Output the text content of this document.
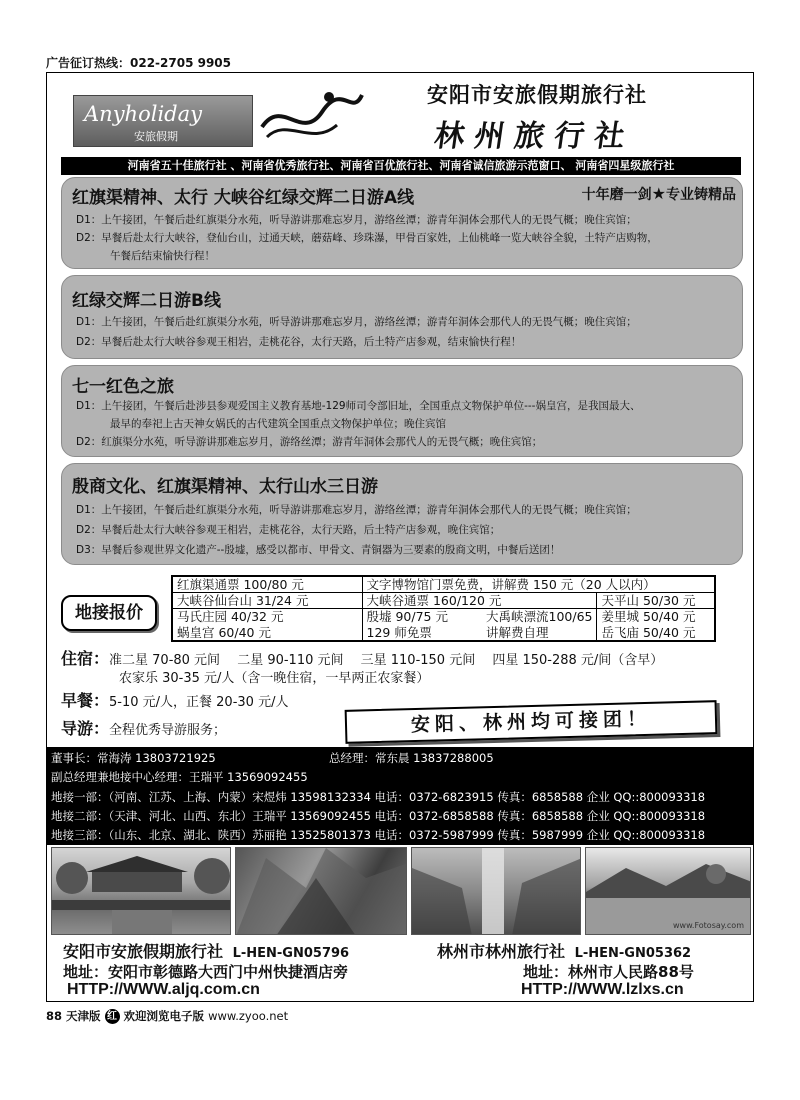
广告征订热线：022-2705 9905
Anyholiday
安旅假期
安阳市安旅假期旅行社
林州旅行社
河南省五十佳旅行社 、河南省优秀旅行社、河南省百优旅行社、河南省诚信旅游示范窗口、 河南省四星级旅行社
红旗渠精神、太行 大峡谷红绿交辉二日游A线	十年磨一剑★专业铸精品
D1：上午接团，午餐后赴红旗渠分水苑，听导游讲那难忘岁月，游络丝潭；游青年洞体会那代人的无畏气概；晚住宾馆；
D2：早餐后赴太行大峡谷，登仙台山，过通天峡，蘑菇峰、珍珠瀑，甲骨百家姓，上仙桃峰一览大峡谷全貌，土特产店购物，
午餐后结束愉快行程！
红绿交辉二日游B线
D1：上午接团，午餐后赴红旗渠分水苑，听导游讲那难忘岁月，游络丝潭；游青年洞体会那代人的无畏气概；晚住宾馆；
D2：早餐后赴太行大峡谷参观王相岩，走桃花谷，太行天路，后土特产店参观，结束愉快行程！
七一红色之旅
D1：上午接团，午餐后赴涉县参观爱国主义教育基地-129师司令部旧址，全国重点文物保护单位---娲皇宫，是我国最大、
最早的奉祀上古天神女娲氏的古代建筑全国重点文物保护单位；晚住宾馆
D2：红旗渠分水苑，听导游讲那难忘岁月，游络丝潭；游青年洞体会那代人的无畏气概；晚住宾馆；
殷商文化、红旗渠精神、太行山水三日游
D1：上午接团，午餐后赴红旗渠分水苑，听导游讲那难忘岁月，游络丝潭；游青年洞体会那代人的无畏气概；晚住宾馆；
D2：早餐后赴太行大峡谷参观王相岩，走桃花谷，太行天路，后土特产店参观，晚住宾馆；
D3：早餐后参观世界文化遗产--殷墟，感受以都市、甲骨文、青铜器为三要素的殷商文明，中餐后送团！
地接报价
红旗渠通票 100/80 元	文字博物馆门票免费，讲解费 150 元（20 人以内）		
大峡谷仙台山 31/24 元	大峡谷通票 160/120 元		天平山 50/30 元
马氏庄园 40/32 元	殷墟 90/75 元	大禹峡漂流100/65	姜里城 50/40 元
蜗皇宫 60/40 元	129 师免票	讲解费自理	岳飞庙 50/40 元
住宿：准二星 70-80 元间　 二星 90-110 元间　 三星 110-150 元间　 四星 150-288 元/间（含早）
农家乐 30-35 元/人（含一晚住宿，一早两正农家餐）
早餐：5-10 元/人，正餐 20-30 元/人
导游：全程优秀导游服务；	安阳、林州均可接团！
董事长：常海涛 13803721925	总经理：常东晨 13837288005
副总经理兼地接中心经理：王瑞平 13569092455
地接一部：（河南、江苏、上海、内蒙）宋煜炜 13598132334 电话：0372-6823915 传真：6858588 企业 QQ::800093318
地接二部：（天津、河北、山西、东北）王瑞平 13569092455 电话：0372-6858588 传真：6858588 企业 QQ::800093318
地接三部：（山东、北京、湖北、陕西）苏丽艳 13525801373 电话：0372-5987999 传真：5987999 企业 QQ::800093318
www.Fotosay.com
安阳市安旅假期旅行社 L-HEN-GN05796	林州市林州旅行社 L-HEN-GN05362
地址：安阳市彰德路大西门中州快捷酒店旁	地址：林州市人民路88号
HTTP://WWW.aljq.com.cn	HTTP://WWW.lzlxs.cn
88 天津版 红 欢迎浏览电子版 www.zyoo.net
